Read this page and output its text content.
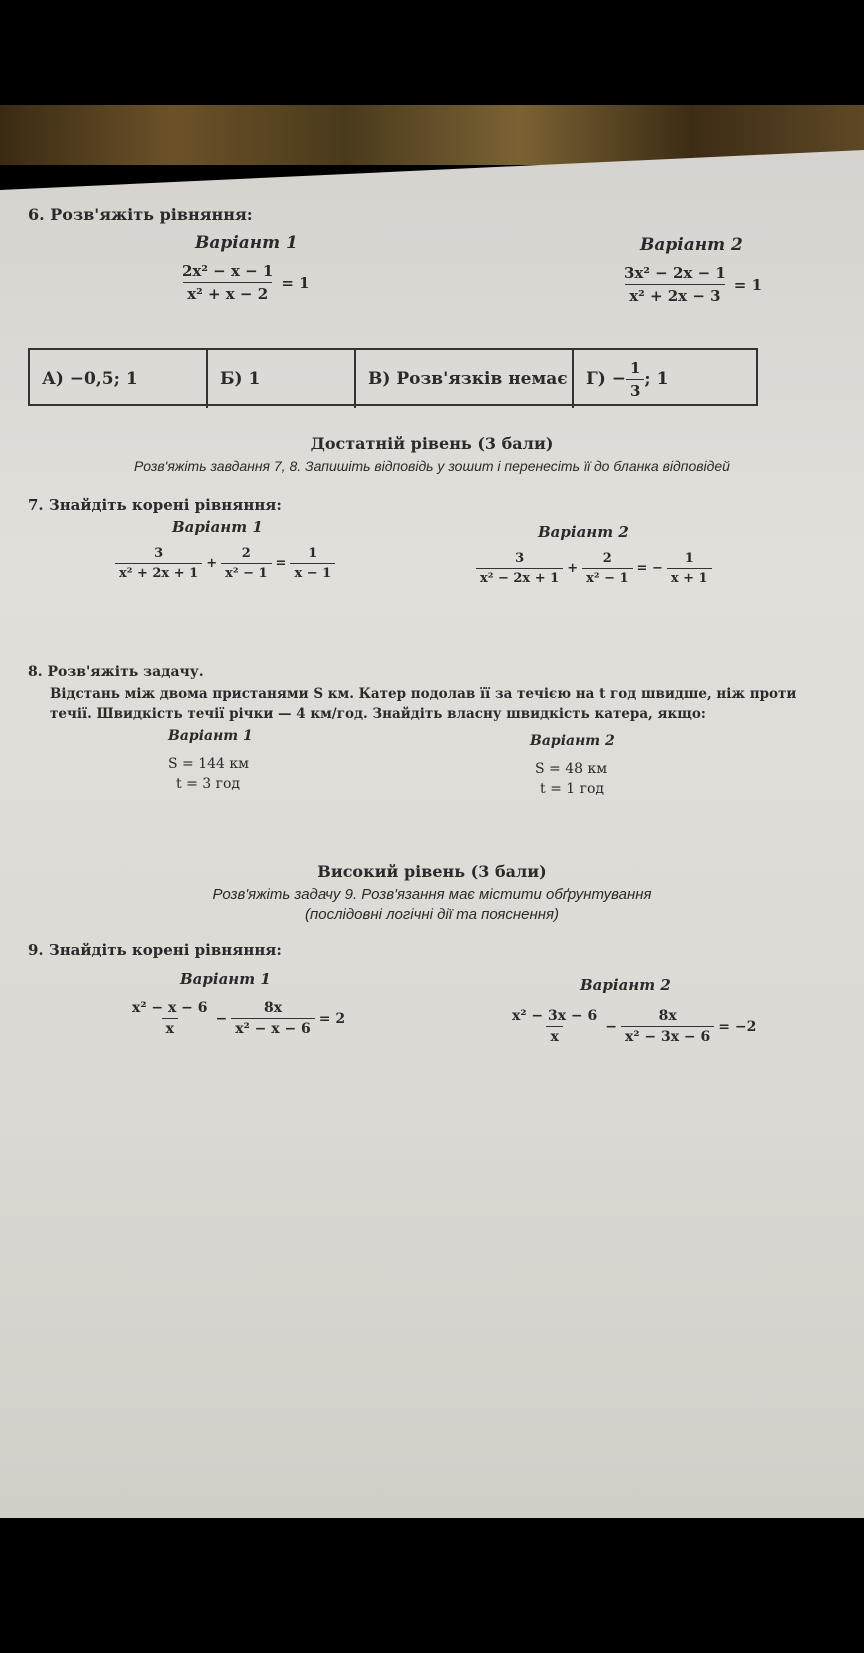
6. Розв'яжіть рівняння:
Варіант 1
$\frac{\text{2x² − x − 1}}{\text{x² + x − 2}} = 1$
Варіант 2
$\frac{\text{3x² − 2x − 1}}{\text{x² + 2x − 3}} = 1$
А) −0,5; 1	Б) 1	В) Розв'язків немає $Г) - \frac{1}{3}$ ; 1
Достатній рівень (3 бали)
Розв'яжіть завдання 7, 8. Запишіть відповідь у зошит і перенесіть її до бланка відповідей
7. Знайдіть корені рівняння:
Варіант 1
$\frac{3}{\text{x² + 2x + 1}} + \frac{2}{\text{x² − 1}} = \frac{1}{x - 1}$
Варіант 2
$\frac{3}{\text{x² − 2x + 1}} + \frac{2}{\text{x² − 1}}$ = − $\frac{1}{x + 1}$
8. Розв'яжіть задачу.
Відстань між двома пристанями S км. Катер подолав її за течією на t год швидше, ніж проти
течії. Швидкість течії річки — 4 км/год. Знайдіть власну швидкість катера, якщо:
Варіант 1
S = 144 км
t = 3 год
Варіант 2
S = 48 км
t = 1 год
Високий рівень (3 бали)
Розв'яжіть задачу 9. Розв'язання має містити обґрунтування
(послідовні логічні дії та пояснення)
9. Знайдіть корені рівняння:
Варіант 1
$\frac{\text{x² − x − 6}}{x} - \frac{8x}{\text{x² − x − 6}} = 2$
Варіант 2
$\frac{\text{x² − 3x − 6}}{x} - \frac{8x}{\text{x² − 3x − 6}} = -2$
